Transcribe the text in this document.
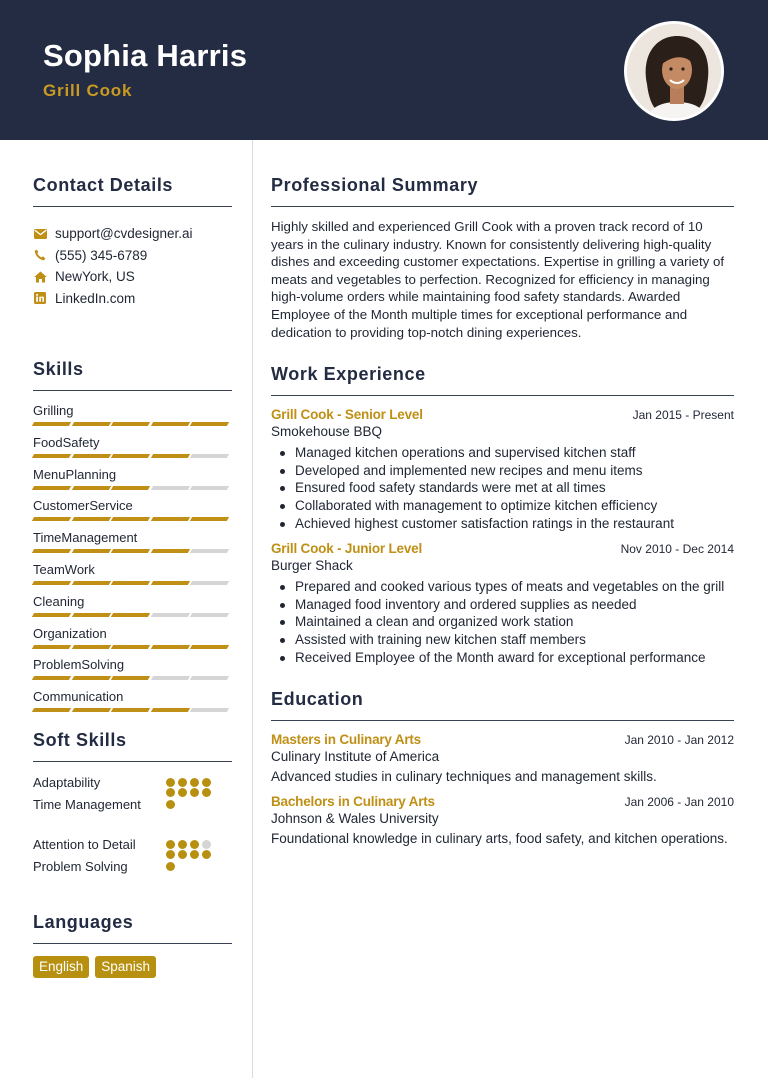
Sophia Harris
Grill Cook
Contact Details
support@cvdesigner.ai
(555) 345-6789
NewYork, US
LinkedIn.com
Skills
Grilling
FoodSafety
MenuPlanning
CustomerService
TimeManagement
TeamWork
Cleaning
Organization
ProblemSolving
Communication
Soft Skills
Adaptability
Time Management
Attention to Detail
Problem Solving
Languages
English	Spanish
Professional Summary

Highly skilled and experienced Grill Cook with a proven track record of 10 years in the culinary industry. Known for consistently delivering high-quality dishes and exceeding customer expectations. Expertise in grilling a variety of meats and vegetables to perfection. Recognized for efficiency in managing high-volume orders while maintaining food safety standards. Awarded Employee of the Month multiple times for exceptional performance and dedication to providing top-notch dining experiences.

Work Experience
Grill Cook - Senior Level	Jan 2015 - Present
Smokehouse BBQ
Managed kitchen operations and supervised kitchen staff
Developed and implemented new recipes and menu items
Ensured food safety standards were met at all times
Collaborated with management to optimize kitchen efficiency
Achieved highest customer satisfaction ratings in the restaurant
Grill Cook - Junior Level	Nov 2010 - Dec 2014
Burger Shack
Prepared and cooked various types of meats and vegetables on the grill
Managed food inventory and ordered supplies as needed
Maintained a clean and organized work station
Assisted with training new kitchen staff members
Received Employee of the Month award for exceptional performance
Education
Masters in Culinary Arts	Jan 2010 - Jan 2012
Culinary Institute of America
Advanced studies in culinary techniques and management skills.
Bachelors in Culinary Arts	Jan 2006 - Jan 2010
Johnson & Wales University
Foundational knowledge in culinary arts, food safety, and kitchen operations.
